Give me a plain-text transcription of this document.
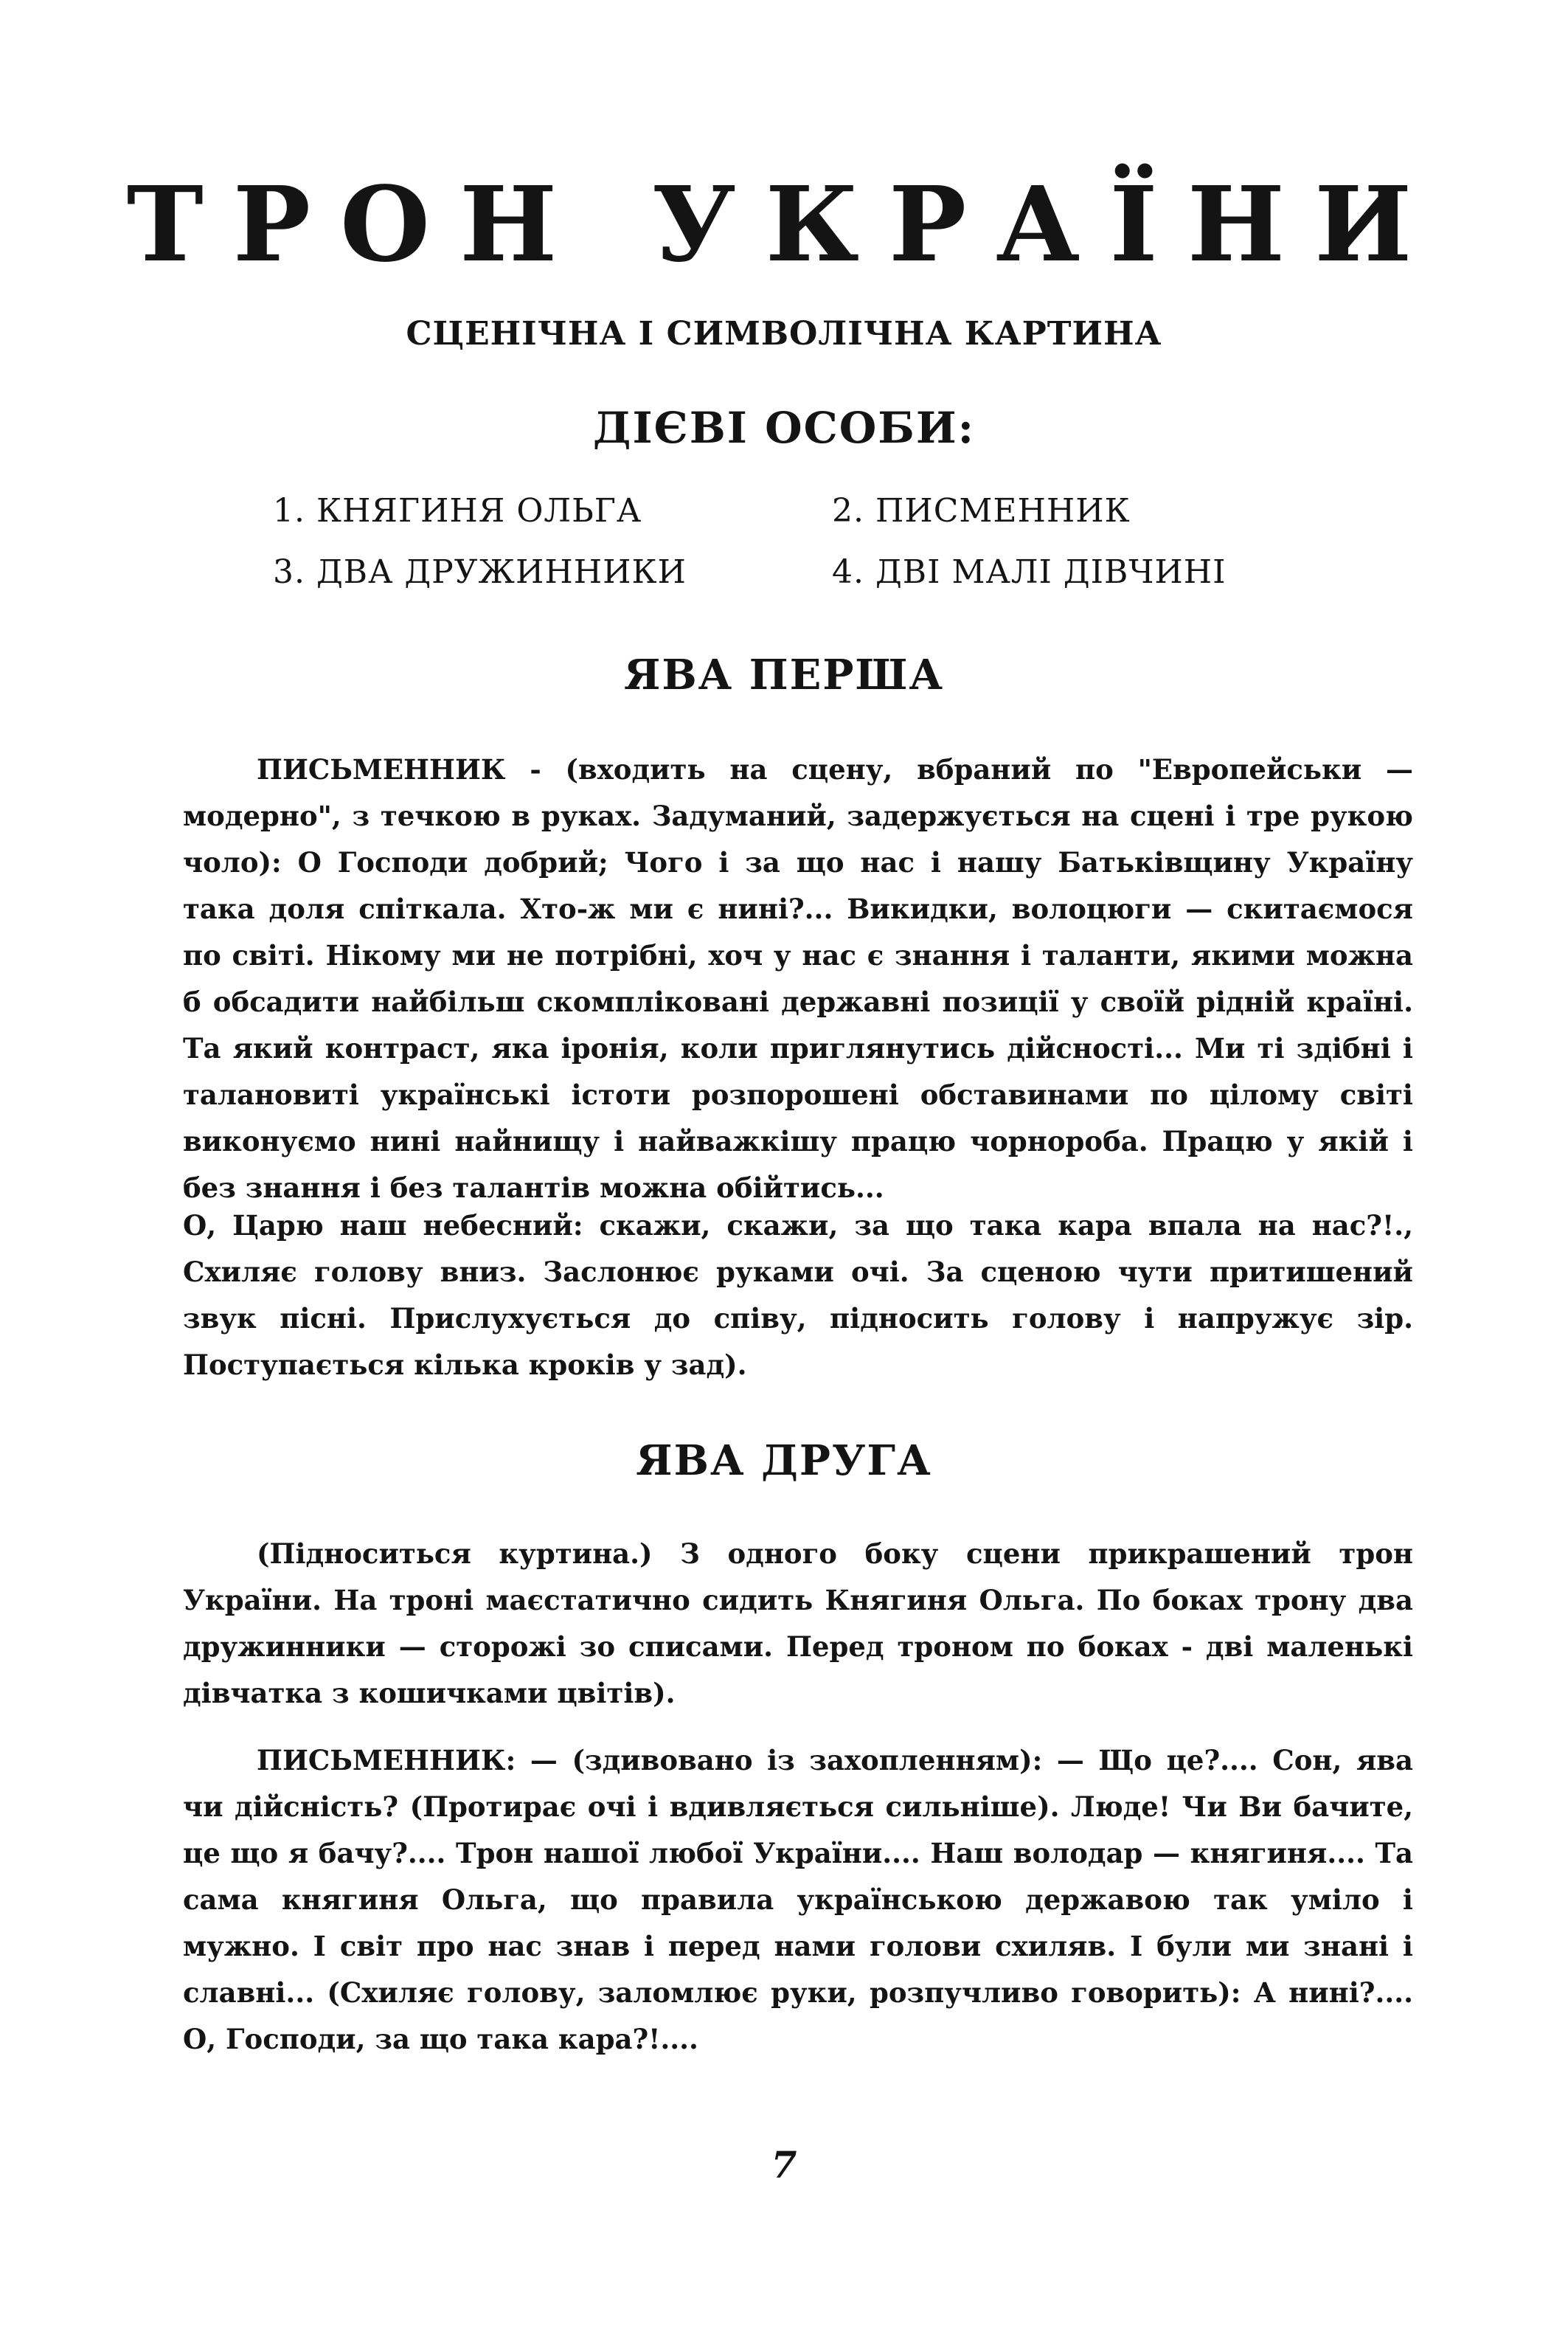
ТРОН УКРАЇНИ
СЦЕНІЧНА І СИМВОЛІЧНА КАРТИНА
ДІЄВІ ОСОБИ:
1. КНЯГИНЯ ОЛЬГА	2. ПИСМЕННИК
3. ДВА ДРУЖИННИКИ	4. ДВІ МАЛІ ДІВЧИНІ
ЯВА ПЕРША

ПИСЬМЕННИК - (входить на сцену, вбраний по "Европейськи — модерно", з течкою в руках. Задуманий, задержується на сцені і тре рукою чоло): О Господи добрий; Чого і за що нас і нашу Батьківщину Україну така доля спіткала. Хто-ж ми є нині?... Викидки, волоцюги — скитаємося по світі. Нікому ми не потрібні, хоч у нас є знання і таланти, якими можна б обсадити найбільш скомпліковані державні позиції у своїй рідній країні. Та який контраст, яка іронія, коли приглянутись дійсності... Ми ті здібні і талановиті українські істоти розпорошені обставинами по цілому світі виконуємо нині найнищу і найважкішу працю чорнороба. Працю у якій і без знання і без талантів можна обійтись...

О, Царю наш небесний: скажи, скажи, за що така кара впала на нас?!., Схиляє голову вниз. Заслонює руками очі. За сценою чути притишений звук пісні. Прислухується до співу, підносить голову і напружує зір. Поступається кілька кроків у зад).

ЯВА ДРУГА

(Підноситься куртина.) З одного боку сцени прикрашений трон України. На троні маєстатично сидить Княгиня Ольга. По боках трону два дружинники — сторожі зо списами. Перед троном по боках - дві маленькі дівчатка з кошичками цвітів).

ПИСЬМЕННИК: — (здивовано із захопленням): — Що це?.... Сон, ява чи дійсність? (Протирає очі і вдивляється сильніше). Люде! Чи Ви бачите, це що я бачу?.... Трон нашої любої України.... Наш володар — княгиня.... Та сама княгиня Ольга, що правила українською державою так уміло і мужно. І світ про нас знав і перед нами голови схиляв. І були ми знані і славні... (Схиляє голову, заломлює руки, розпучливо говорить): А нині?.... О, Господи, за що така кара?!....

7
